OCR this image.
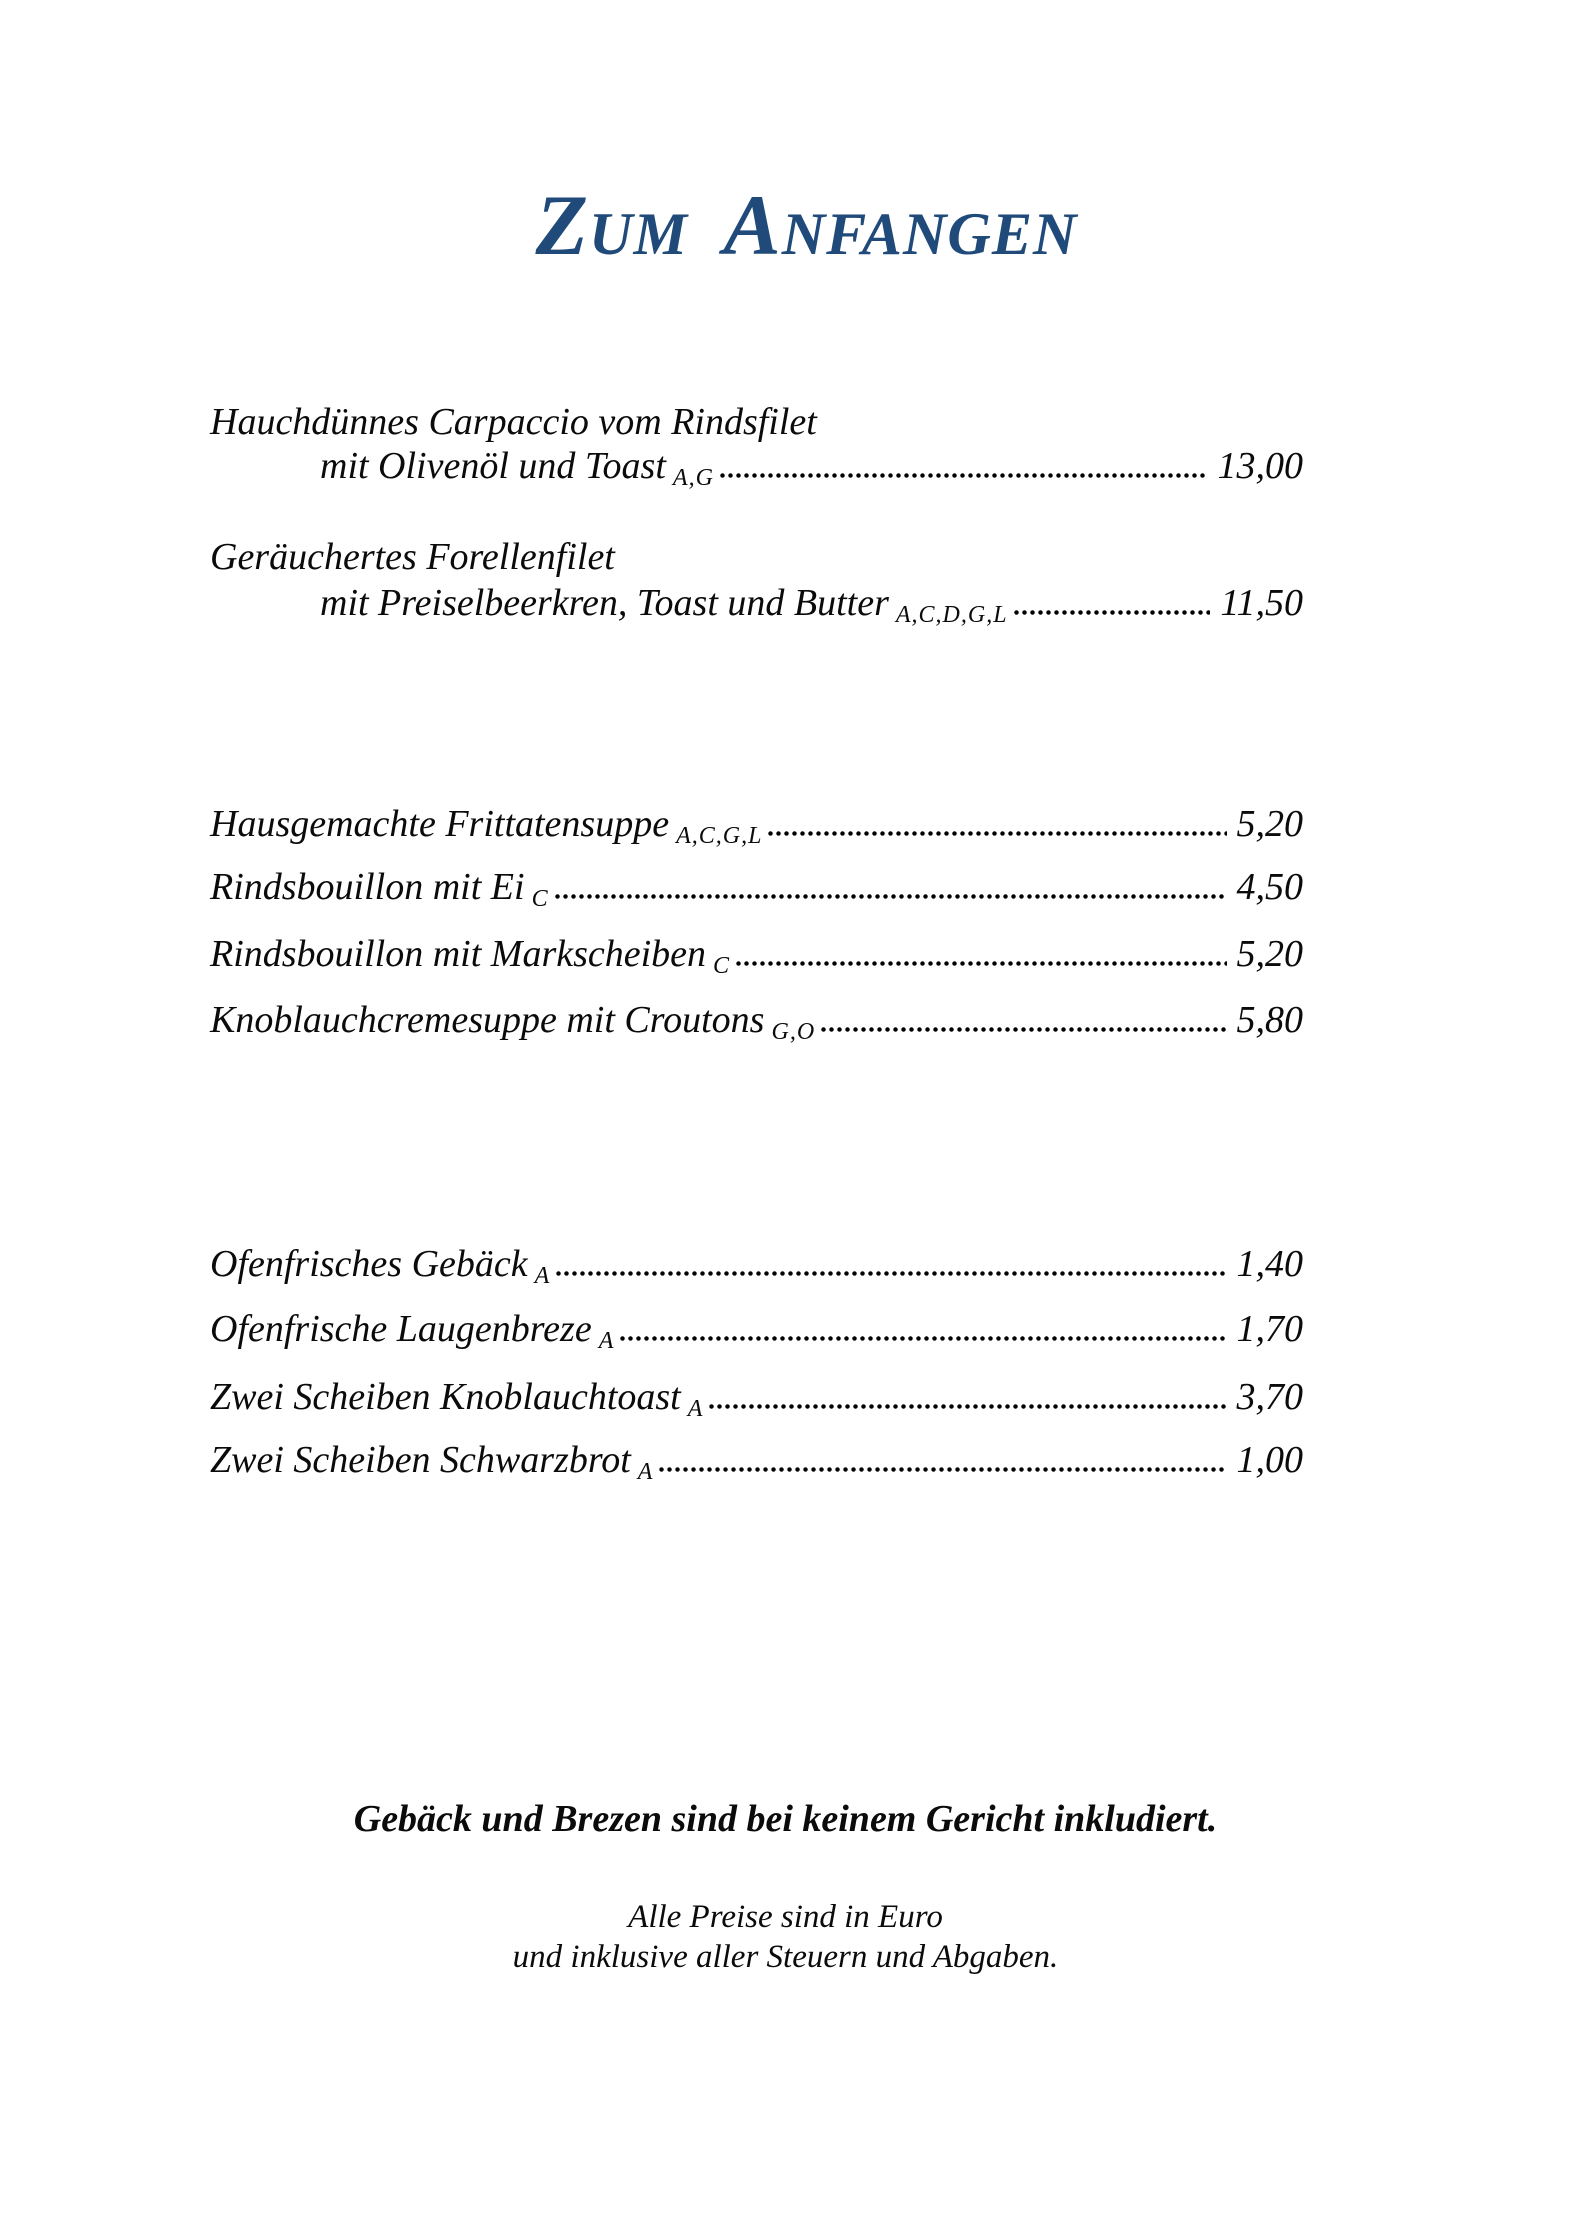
ZUM ANFANGEN
Hauchdünnes Carpaccio vom Rindsfilet
mit Olivenöl und Toast A,G	13,00
Geräuchertes Forellenfilet
mit Preiselbeerkren, Toast und Butter A,C,D,G,L	11,50
Hausgemachte Frittatensuppe A,C,G,L	5,20
Rindsbouillon mit Ei C	4,50
Rindsbouillon mit Markscheiben C	5,20
Knoblauchcremesuppe mit Croutons G,O	5,80
Ofenfrisches Gebäck A	1,40
Ofenfrische Laugenbreze A	1,70
Zwei Scheiben Knoblauchtoast A	3,70
Zwei Scheiben Schwarzbrot A	1,00
Gebäck und Brezen sind bei keinem Gericht inkludiert.
Alle Preise sind in Euro
und inklusive aller Steuern und Abgaben.
